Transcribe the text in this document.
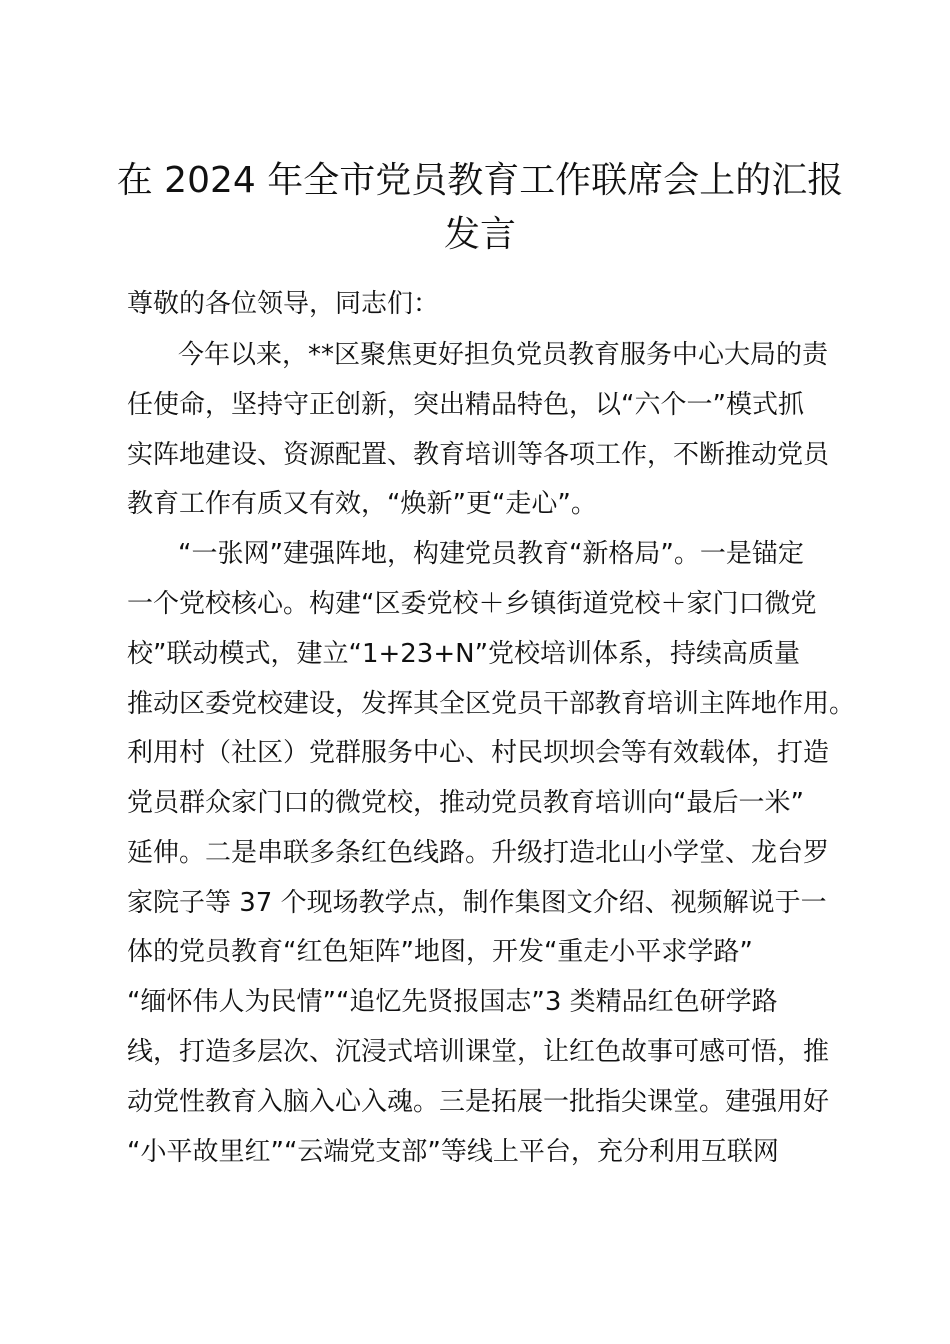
在 2024 年全市党员教育工作联席会上的汇报
发言

尊敬的各位领导，同志们：

今年以来，**区聚焦更好担负党员教育服务中心大局的责

任使命，坚持守正创新，突出精品特色，以“六个一”模式抓

实阵地建设、资源配置、教育培训等各项工作，不断推动党员

教育工作有质又有效，“焕新”更“走心”。

“一张网”建强阵地，构建党员教育“新格局”。一是锚定

一个党校核心。构建“区委党校＋乡镇街道党校＋家门口微党

校”联动模式，建立“1+23+N”党校培训体系，持续高质量

推动区委党校建设，发挥其全区党员干部教育培训主阵地作用。

利用村（社区）党群服务中心、村民坝坝会等有效载体，打造

党员群众家门口的微党校，推动党员教育培训向“最后一米”

延伸。二是串联多条红色线路。升级打造北山小学堂、龙台罗

家院子等 37 个现场教学点，制作集图文介绍、视频解说于一

体的党员教育“红色矩阵”地图，开发“重走小平求学路”

“缅怀伟人为民情”“追忆先贤报国志”3 类精品红色研学路

线，打造多层次、沉浸式培训课堂，让红色故事可感可悟，推

动党性教育入脑入心入魂。三是拓展一批指尖课堂。建强用好

“小平故里红”“云端党支部”等线上平台，充分利用互联网
